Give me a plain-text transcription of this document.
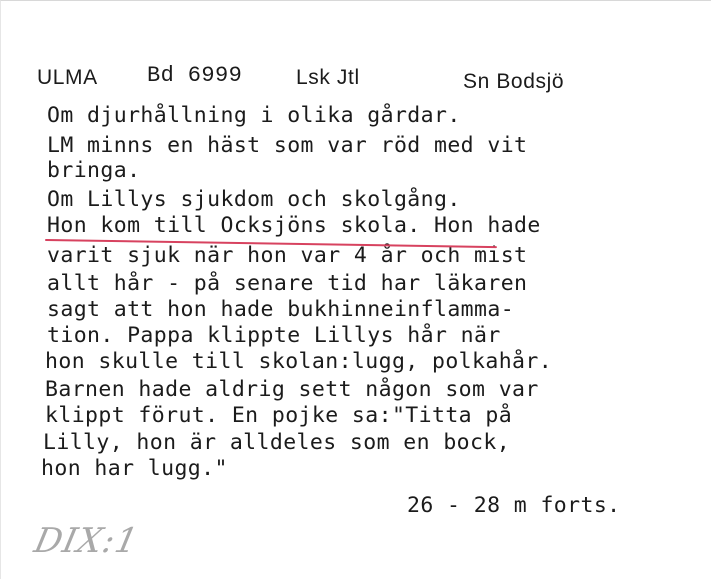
ULMA Bd 6999	Lsk Jtl	Sn Bodsjö
Om djurhållning i olika gårdar.
LM minns en häst som var röd med vit
bringa.
Om Lillys sjukdom och skolgång.
Hon kom till Ocksjöns skola. Hon hade
varit sjuk när hon var 4 år och mist
allt hår - på senare tid har läkaren
sagt att hon hade bukhinneinflamma-
tion. Pappa klippte Lillys hår när
hon skulle till skolan:lugg, polkahår.
Barnen hade aldrig sett någon som var
klippt förut. En pojke sa:"Titta på
Lilly, hon är alldeles som en bock,
hon har lugg."
26 - 28 m forts.
DIX:1
